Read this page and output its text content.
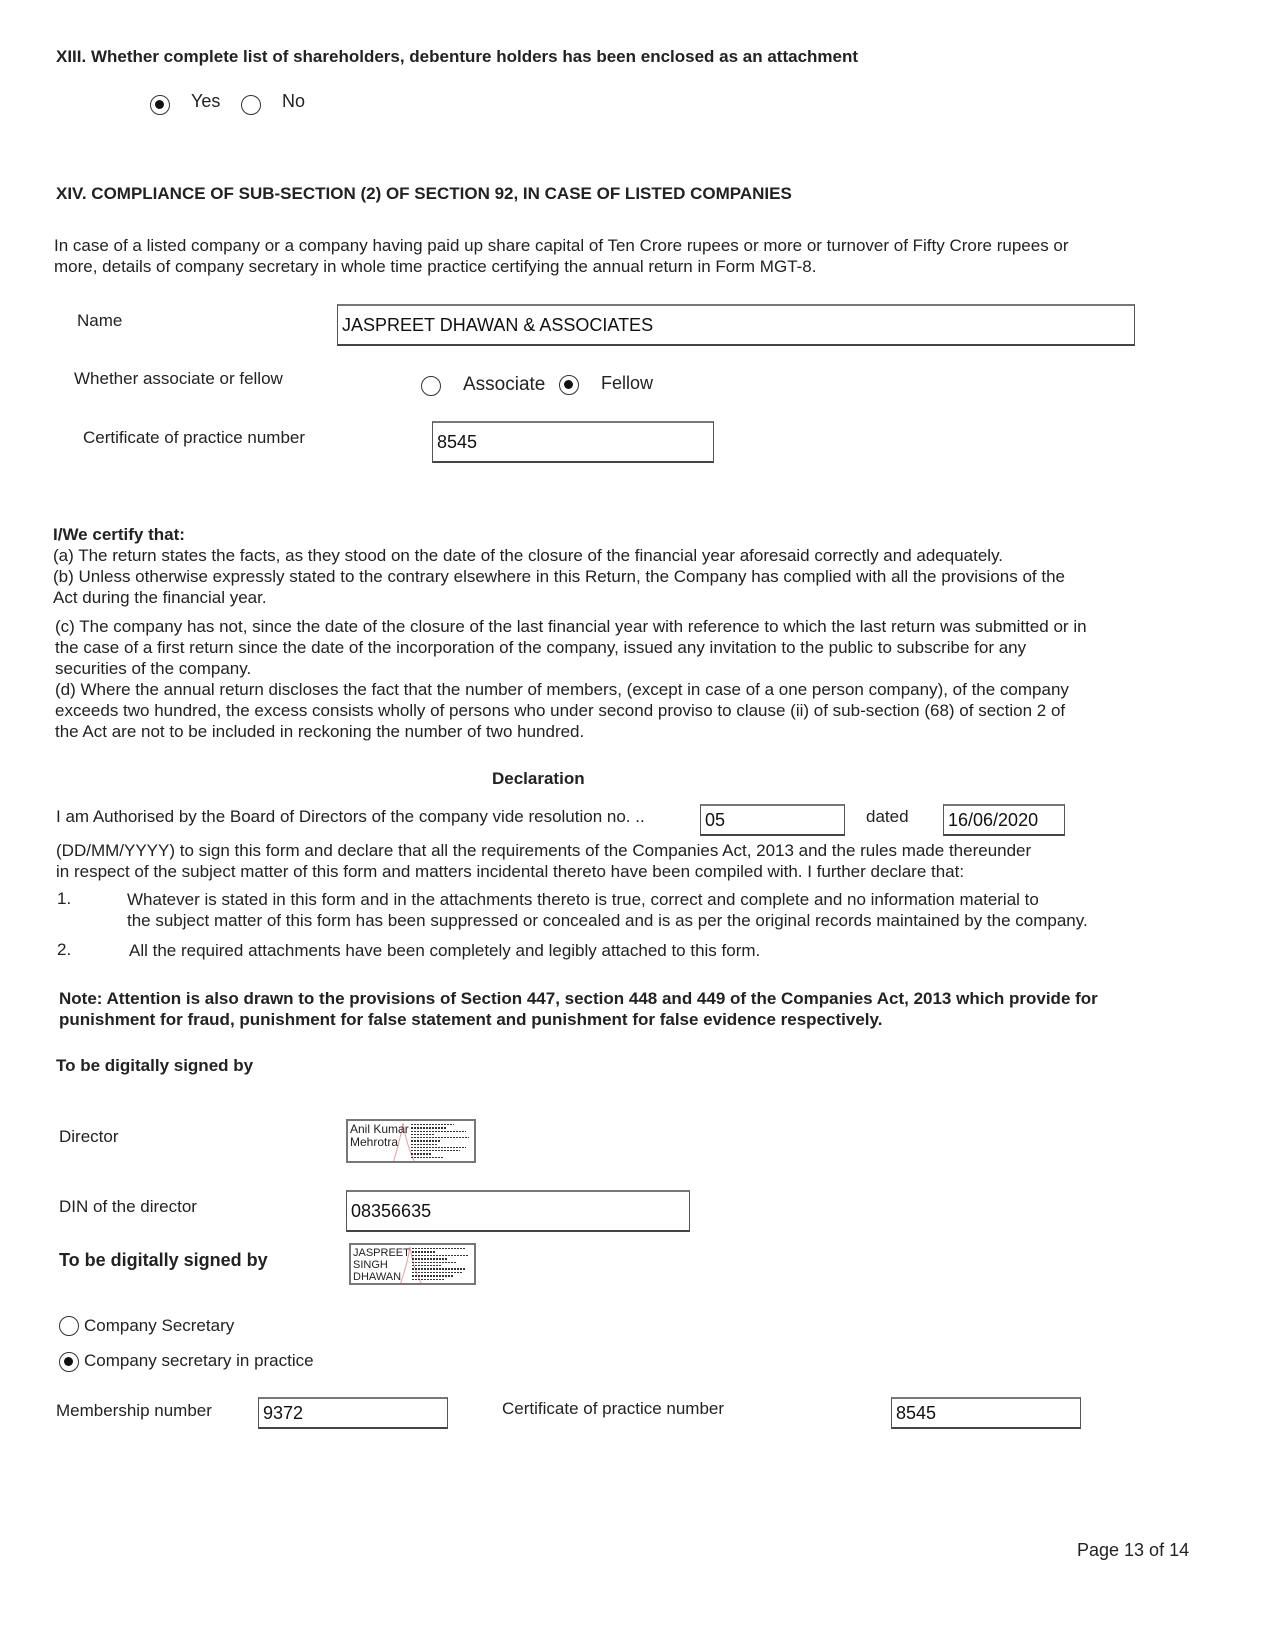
XIII. Whether complete list of shareholders, debenture holders has been enclosed as an attachment
Yes	No
XIV. COMPLIANCE OF SUB-SECTION (2) OF SECTION 92, IN CASE OF LISTED COMPANIES

In case of a listed company or a company having paid up share capital of Ten Crore rupees or more or turnover of Fifty Crore rupees or

more, details of company secretary in whole time practice certifying the annual return in Form MGT-8.

Name	JASPREET DHAWAN & ASSOCIATES
Whether associate or fellow	Associate	Fellow
Certificate of practice number	8545

I/We certify that:

(a) The return states the facts, as they stood on the date of the closure of the financial year aforesaid correctly and adequately.

(b) Unless otherwise expressly stated to the contrary elsewhere in this Return, the Company has complied with all the provisions of the

Act during the financial year.

(c) The company has not, since the date of the closure of the last financial year with reference to which the last return was submitted or in

the case of a first return since the date of the incorporation of the company, issued any invitation to the public to subscribe for any

securities of the company.

(d) Where the annual return discloses the fact that the number of members, (except in case of a one person company), of the company

exceeds two hundred, the excess consists wholly of persons who under second proviso to clause (ii) of sub-section (68) of section 2 of

the Act are not to be included in reckoning the number of two hundred.

Declaration
I am Authorised by the Board of Directors of the company vide resolution no. ..	05	dated 16/06/2020

(DD/MM/YYYY) to sign this form and declare that all the requirements of the Companies Act, 2013 and the rules made thereunder

in respect of the subject matter of this form and matters incidental thereto have been compiled with. I further declare that:

1.	Whatever is stated in this form and in the attachments thereto is true, correct and complete and no information material to

the subject matter of this form has been suppressed or concealed and is as per the original records maintained by the company.

2.	All the required attachments have been completely and legibly attached to this form.

Note: Attention is also drawn to the provisions of Section 447, section 448 and 449 of the Companies Act, 2013 which provide for

punishment for fraud, punishment for false statement and punishment for false evidence respectively.

To be digitally signed by
Director	Anil Kumar
Mehrotra
DIN of the director	08356635
To be digitally signed by	JASPREET
SINGH
DHAWAN
Company Secretary
Company secretary in practice
Membership number	9372	Certificate of practice number	8545
Page 13 of 14
